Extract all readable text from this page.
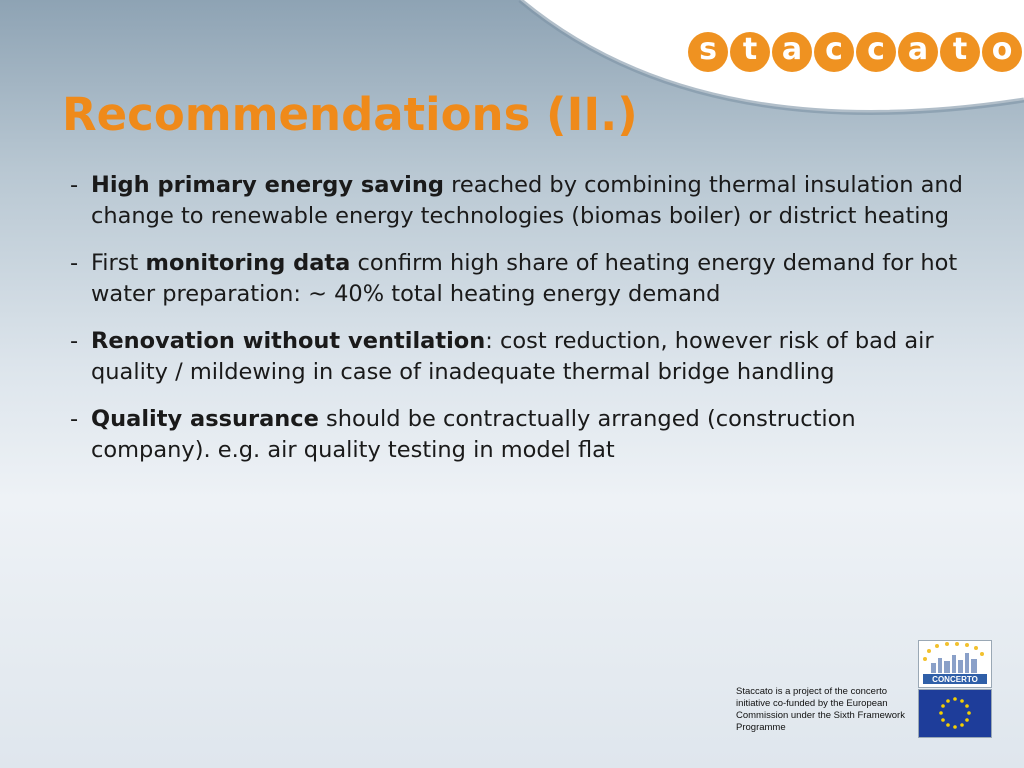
s t a c c a t o
Recommendations (II.)
- High primary energy saving reached by combining thermal insulation and change to renewable energy technologies (biomas boiler) or district heating
- First monitoring data confirm high share of heating energy demand for hot water preparation: ~ 40% total heating energy demand
- Renovation without ventilation: cost reduction, however risk of bad air quality / mildewing in case of inadequate thermal bridge handling
- Quality assurance should be contractually arranged (construction company). e.g. air quality testing in model flat
Staccato is a project of the concerto initiative co-funded by the European Commission under the Sixth Framework Programme
CONCERTO
